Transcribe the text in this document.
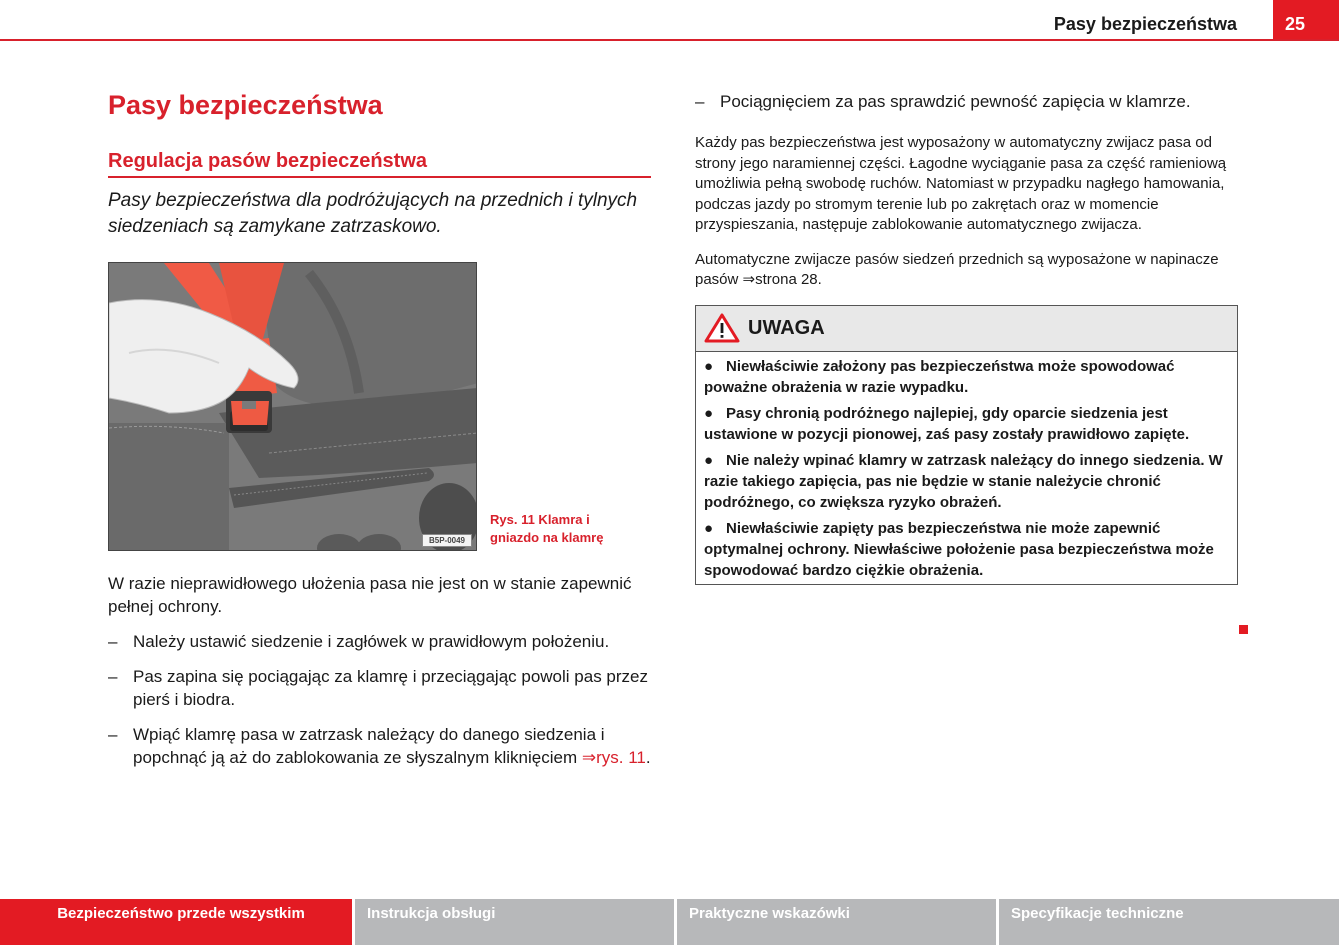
Pasy bezpieczeństwa	25
Pasy bezpieczeństwa
Regulacja pasów bezpieczeństwa

Pasy bezpieczeństwa dla podróżujących na przednich i tylnych siedzeniach są zamykane zatrzaskowo.

B5P-0049
Rys. 11 Klamra i
gniazdo na klamrę

W razie nieprawidłowego ułożenia pasa nie jest on w stanie zapewnić pełnej ochrony.

– Należy ustawić siedzenie i zagłówek w prawidłowym położeniu.
– Pas zapina się pociągając za klamrę i przeciągając powoli pas przez pierś i biodra.
– Wpiąć klamrę pasa w zatrzask należący do danego siedzenia i popchnąć ją aż do zablokowania ze słyszalnym kliknięciem ⇒rys. 11.
– Pociągnięciem za pas sprawdzić pewność zapięcia w klamrze.

Każdy pas bezpieczeństwa jest wyposażony w automatyczny zwijacz pasa od strony jego naramiennej części. Łagodne wyciąganie pasa za część ramieniową umożliwia pełną swobodę ruchów. Natomiast w przypadku nagłego hamowania, podczas jazdy po stromym terenie lub po zakrętach oraz w momencie przyspieszania, następuje zablokowanie automatycznego zwijacza.

Automatyczne zwijacze pasów siedzeń przednich są wyposażone w napinacze pasów ⇒strona 28.

UWAGA

● Niewłaściwie założony pas bezpieczeństwa może spowodować poważne obrażenia w razie wypadku.

● Pasy chronią podróżnego najlepiej, gdy oparcie siedzenia jest ustawione w pozycji pionowej, zaś pasy zostały prawidłowo zapięte.

● Nie należy wpinać klamry w zatrzask należący do innego siedzenia. W razie takiego zapięcia, pas nie będzie w stanie należycie chronić podróżnego, co zwiększa ryzyko obrażeń.

● Niewłaściwie zapięty pas bezpieczeństwa nie może zapewnić optymalnej ochrony. Niewłaściwe położenie pasa bezpieczeństwa może spowodować bardzo ciężkie obrażenia.

Bezpieczeństwo przede wszystkim	Instrukcja obsługi	Praktyczne wskazówki	Specyfikacje techniczne
